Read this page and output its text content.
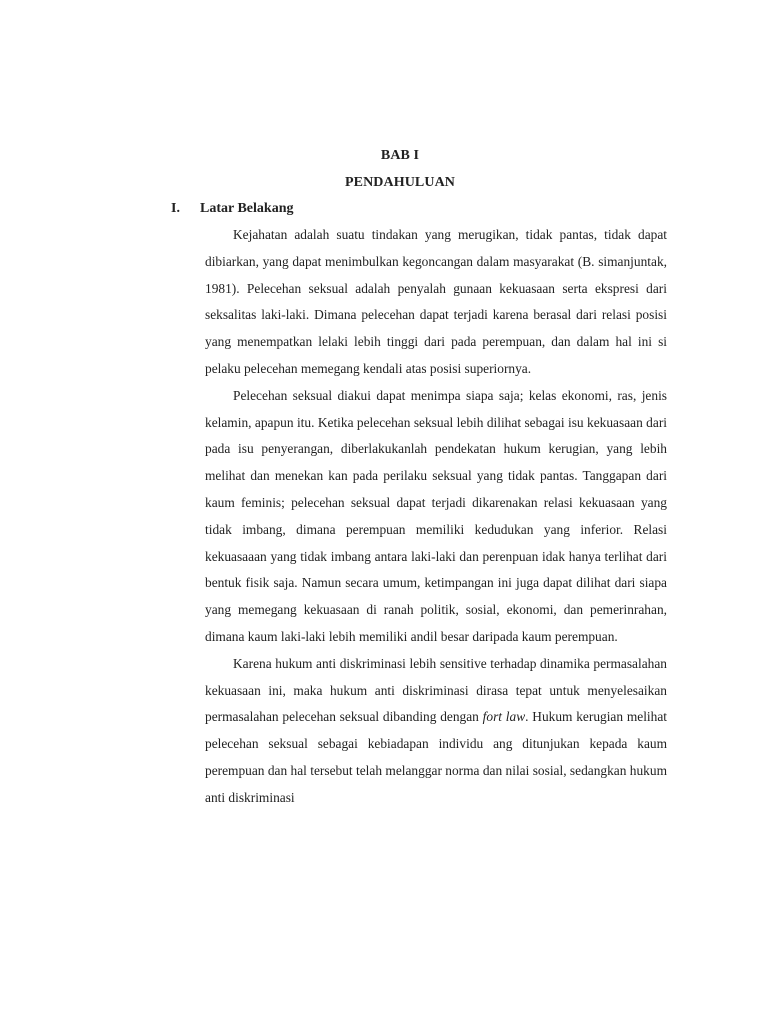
BAB I
PENDAHULUAN
I. Latar Belakang

Kejahatan adalah suatu tindakan yang merugikan, tidak pantas, tidak dapat dibiarkan, yang dapat menimbulkan kegoncangan dalam masyarakat (B. simanjuntak, 1981). Pelecehan seksual adalah penyalah gunaan kekuasaan serta ekspresi dari seksalitas laki-laki. Dimana pelecehan dapat terjadi karena berasal dari relasi posisi yang menempatkan lelaki lebih tinggi dari pada perempuan, dan dalam hal ini si pelaku pelecehan memegang kendali atas posisi superiornya.

Pelecehan seksual diakui dapat menimpa siapa saja; kelas ekonomi, ras, jenis kelamin, apapun itu. Ketika pelecehan seksual lebih dilihat sebagai isu kekuasaan dari pada isu penyerangan, diberlakukanlah pendekatan hukum kerugian, yang lebih melihat dan menekan kan pada perilaku seksual yang tidak pantas. Tanggapan dari kaum feminis; pelecehan seksual dapat terjadi dikarenakan relasi kekuasaan yang tidak imbang, dimana perempuan memiliki kedudukan yang inferior. Relasi kekuasaaan yang tidak imbang antara laki-laki dan perenpuan idak hanya terlihat dari bentuk fisik saja. Namun secara umum, ketimpangan ini juga dapat dilihat dari siapa yang memegang kekuasaan di ranah politik, sosial, ekonomi, dan pemerinrahan, dimana kaum laki-laki lebih memiliki andil besar daripada kaum perempuan.

Karena hukum anti diskriminasi lebih sensitive terhadap dinamika permasalahan kekuasaan ini, maka hukum anti diskriminasi dirasa tepat untuk menyelesaikan permasalahan pelecehan seksual dibanding dengan fort law. Hukum kerugian melihat pelecehan seksual sebagai kebiadapan individu ang ditunjukan kepada kaum perempuan dan hal tersebut telah melanggar norma dan nilai sosial, sedangkan hukum anti diskriminasi
